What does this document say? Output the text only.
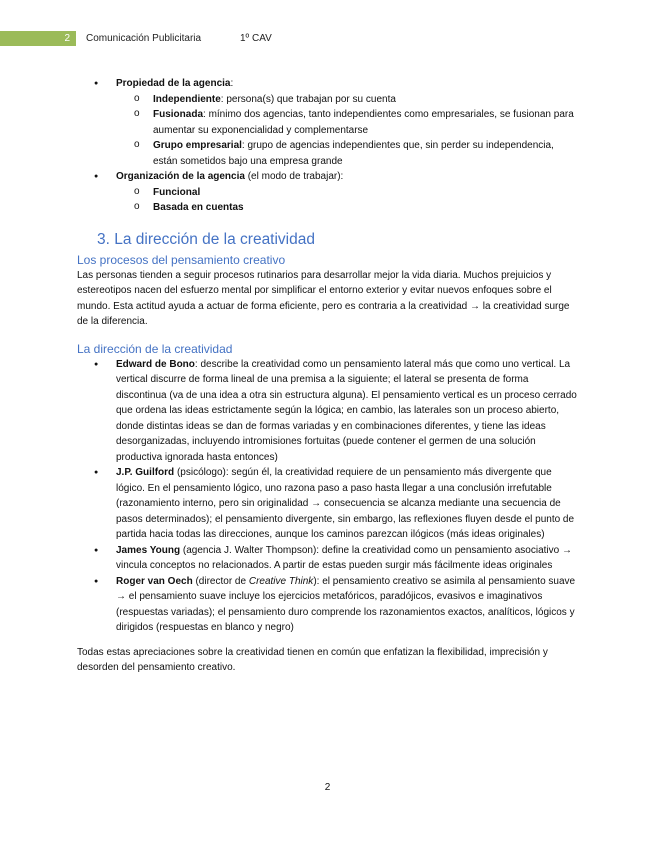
2	Comunicación Publicitaria	1º CAV
● Propiedad de la agencia:
o Independiente: persona(s) que trabajan por su cuenta
o Fusionada: mínimo dos agencias, tanto independientes como empresariales, se fusionan para aumentar su exponencialidad y complementarse
o Grupo empresarial: grupo de agencias independientes que, sin perder su independencia, están sometidos bajo una empresa grande
● Organización de la agencia (el modo de trabajar):
o Funcional
o Basada en cuentas
3. La dirección de la creatividad
Los procesos del pensamiento creativo

Las personas tienden a seguir procesos rutinarios para desarrollar mejor la vida diaria. Muchos prejuicios y estereotipos nacen del esfuerzo mental por simplificar el entorno exterior y evitar nuevos enfoques sobre el mundo. Esta actitud ayuda a actuar de forma eficiente, pero es contraria a la creatividad → la creatividad surge de la diferencia.

La dirección de la creatividad
● Edward de Bono: describe la creatividad como un pensamiento lateral más que como uno vertical. La vertical discurre de forma lineal de una premisa a la siguiente; el lateral se presenta de forma discontinua (va de una idea a otra sin estructura alguna). El pensamiento vertical es un proceso cerrado que ordena las ideas estrictamente según la lógica; en cambio, las laterales son un proceso abierto, donde distintas ideas se dan de formas variadas y en combinaciones diferentes, y tiene las ideas desorganizadas, incluyendo intromisiones fortuitas (puede contener el germen de una solución productiva ignorada hasta entonces)
● J.P. Guilford (psicólogo): según él, la creatividad requiere de un pensamiento más divergente que lógico. En el pensamiento lógico, uno razona paso a paso hasta llegar a una conclusión irrefutable (razonamiento interno, pero sin originalidad → consecuencia se alcanza mediante una secuencia de pasos determinados); el pensamiento divergente, sin embargo, las reflexiones fluyen desde el punto de partida hacia todas las direcciones, aunque los caminos parezcan ilógicos (más ideas originales)
● James Young (agencia J. Walter Thompson): define la creatividad como un pensamiento asociativo → vincula conceptos no relacionados. A partir de estas pueden surgir más fácilmente ideas originales
● Roger van Oech (director de Creative Think): el pensamiento creativo se asimila al pensamiento suave → el pensamiento suave incluye los ejercicios metafóricos, paradójicos, evasivos e imaginativos (respuestas variadas); el pensamiento duro comprende los razonamientos exactos, analíticos, lógicos y dirigidos (respuestas en blanco y negro)

Todas estas apreciaciones sobre la creatividad tienen en común que enfatizan la flexibilidad, imprecisión y desorden del pensamiento creativo.

2
